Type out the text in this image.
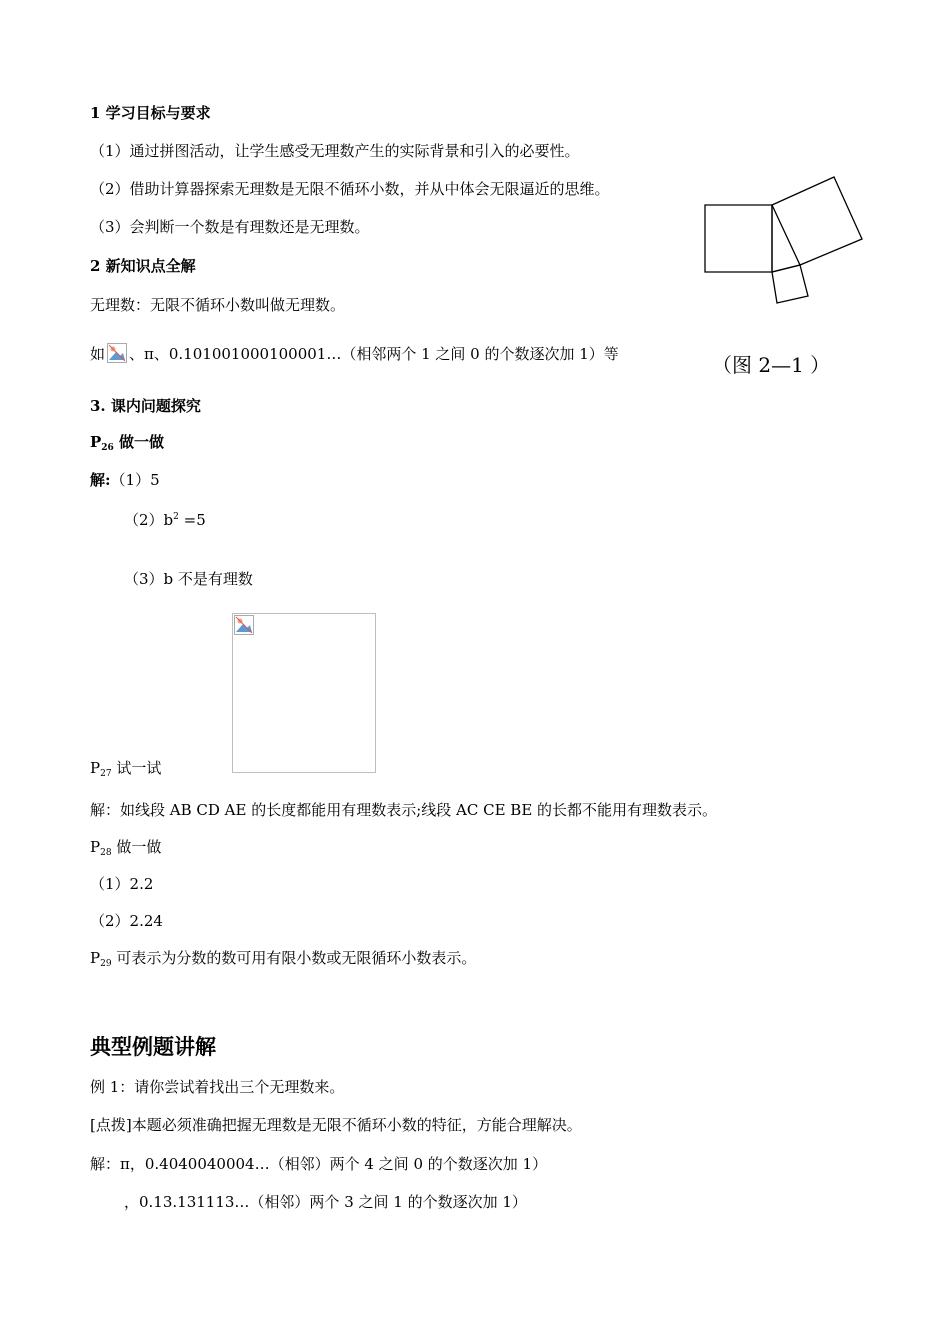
1 学习目标与要求
（1）通过拼图活动，让学生感受无理数产生的实际背景和引入的必要性。
（2）借助计算器探索无理数是无限不循环小数，并从中体会无限逼近的思维。
（3）会判断一个数是有理数还是无理数。
2 新知识点全解
无理数：无限不循环小数叫做无理数。
如 、π、0.101001000100001…（相邻两个 1 之间 0 的个数逐次加 1）等	（图 2—1 ）
3. 课内问题探究
$P_{26}$ 做一做
解:（1）5
$(2)b^2 =5$
（3）b 不是有理数
$P_{27}$ 试一试
解：如线段 AB CD AE 的长度都能用有理数表示;线段 AC CE BE 的长都不能用有理数表示。
$P_{28}$ 做一做
（1）2.2
（2）2.24
$P_{29}$ 可表示为分数的数可用有限小数或无限循环小数表示。
典型例题讲解
例 1：请你尝试着找出三个无理数来。
[点拨]本题必须准确把握无理数是无限不循环小数的特征，方能合理解决。
解：π，0.4040040004…（相邻）两个 4 之间 0 的个数逐次加 1）
，0.13.131113…（相邻）两个 3 之间 1 的个数逐次加 1）
